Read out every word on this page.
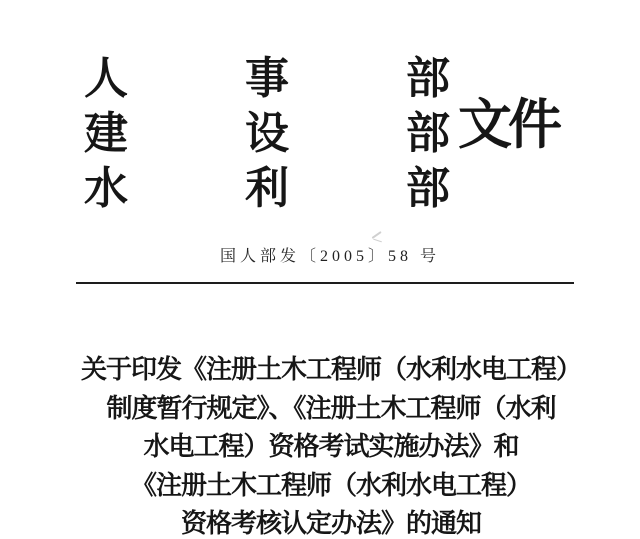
人	事	部
建	设	部
水	利	部
文件
国人部发〔2005〕58 号
关于印发《注册土木工程师（水利水电工程）
制度暂行规定》、《注册土木工程师（水利
水电工程）资格考试实施办法》和
《注册土木工程师（水利水电工程）
资格考核认定办法》的通知
